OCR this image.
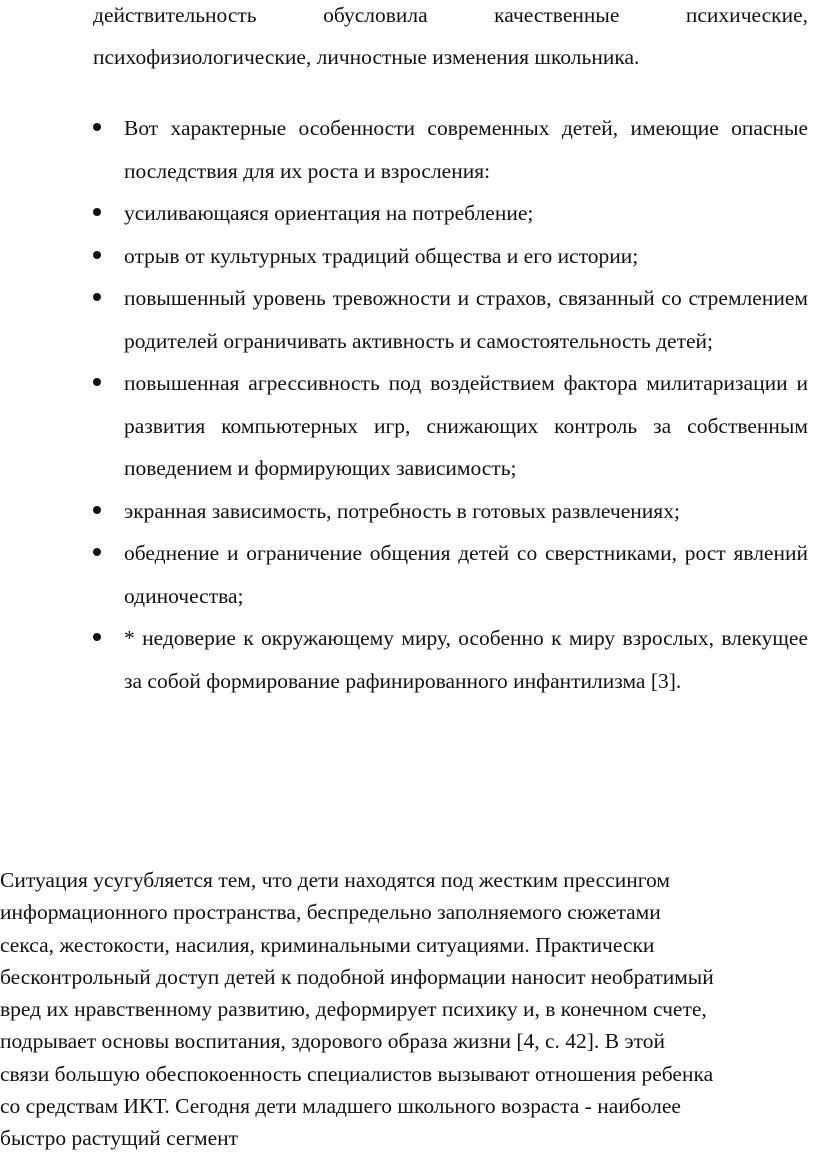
действительность обусловила качественные психические,
психофизиологические, личностные изменения школьника.

Вот характерные особенности современных детей, имеющие опасные последствия для их роста и взросления:
усиливающаяся ориентация на потребление;
отрыв от культурных традиций общества и его истории;
повышенный уровень тревожности и страхов, связанный со стремлением родителей ограничивать активность и самостоятельность детей;
повышенная агрессивность под воздействием фактора милитаризации и развития компьютерных игр, снижающих контроль за собственным поведением и формирующих зависимость;
экранная зависимость, потребность в готовых развлечениях;
обеднение и ограничение общения детей со сверстниками, рост явлений одиночества;
* недоверие к окружающему миру, особенно к миру взрослых, влекущее за собой формирование рафинированного инфантилизма [3].

Ситуация усугубляется тем, что дети находятся под жестким прессингом
информационного пространства, беспредельно заполняемого сюжетами
секса, жестокости, насилия, криминальными ситуациями. Практически
бесконтрольный доступ детей к подобной информации наносит необратимый
вред их нравственному развитию, деформирует психику и, в конечном счете,
подрывает основы воспитания, здорового образа жизни [4, с. 42]. В этой
связи большую обеспокоенность специалистов вызывают отношения ребенка
со средствам ИКТ. Сегодня дети младшего школьного возраста - наиболее
быстро растущий сегмент
